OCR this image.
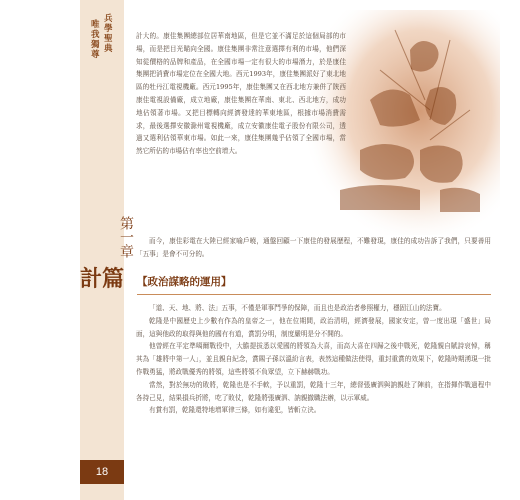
兵學聖典
唯我獨尊
第一章
計篇
18

計大的。康佳集團總部位居華南地區，但是它並不滿足於這個局部的市場，而是把目光瞄向全國。康佳集團非常注意選擇有利的市場，他們深知從價格的品牌和產品，在全國市場一定有很大的市場潛力，於是康佳集團把消費市場定位在全國大地。西元1993年，康佳集團派好了東北地區的牡丹江電視機廠。西元1995年，康佳集團又在西北地方兼併了陝西康佳電視設備廠，成立地廠，康佳集團在華南、東北、西北地方，成功地佔領著市場。又把目標轉向經濟發達的華東地區，根據市場消費需求，最後選擇安徽滁州電視機廠，成立安徽康佳電子股份有限公司，透過又選利佔領華東市場。如此一來，康佳集團幾乎佔領了全國市場，當然它所佔的市場佔有率也空前增大。

而今，康佳彩電在大陸已經家喻戶曉，通盤回顧一下康佳的發展歷程，不難發現，康佳的成功告訴了我們，只要善用「五事」是會不可分的。

【政治謀略的運用】

「道、天、地、將、法」五事，不僅是軍事鬥爭的保障，而且也是政治者參照權力，穩固江山的法寶。

乾隆是中國歷史上少數有作為的皇帝之一，他在位期間，政治清明，經濟發展，國家安定，曾一度出現「盛世」局面，這與他政的取得與他的國有有道，賞罰分明，制度嚴明是分不開的。

他曾經在平定準噶爾戰役中，大膽提拔悉以愛國的將領為大喜，而高大喜在四歸之後中戰死，乾隆親自賦詩哀悼，稱其為「雄將中第一人」，並且親自紀念，賞賜子孫以溫紛言表，表然這種做法使得，重封重賞的效果下，乾隆時期湧現一批作戰勇猛，將政戰優秀的將領，這些將領不負眾望，立下赫赫戰功。

當然，對於無功的敗將，乾隆也是不手軟，予以重罰，乾隆十三年，總督張廣泗與訥親赴了陣前，在指揮作戰過程中各持己見，結果損兵折將，吃了敗仗，乾隆將張廣泗、訥親撤職法辦，以示軍威。

有賞有罰，乾隆還特地增軍律三條，如有違犯，皆斬立決。
